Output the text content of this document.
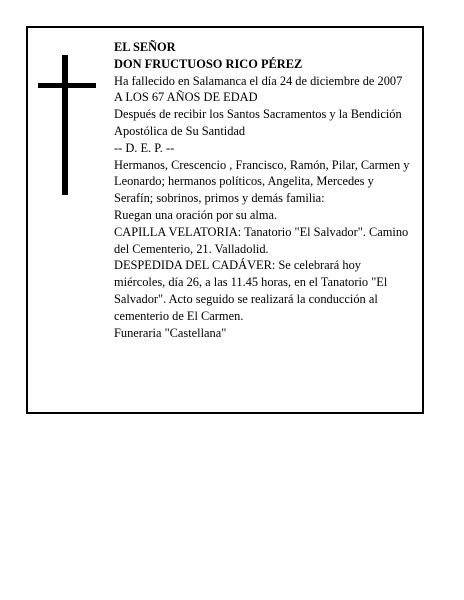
EL SEÑOR

DON FRUCTUOSO RICO PÉREZ

Ha fallecido en Salamanca el día 24 de diciembre de 2007

A LOS 67 AÑOS DE EDAD

Después de recibir los Santos Sacramentos y la Bendición Apostólica de Su Santidad

-- D. E. P. --

Hermanos, Crescencio , Francisco, Ramón, Pilar, Carmen y Leonardo; hermanos políticos, Angelita, Mercedes y Serafín; sobrinos, primos y demás familia:

Ruegan una oración por su alma.

CAPILLA VELATORIA: Tanatorio "El Salvador". Camino del Cementerio, 21. Valladolid.

DESPEDIDA DEL CADÁVER: Se celebrará hoy miércoles, día 26, a las 11.45 horas, en el Tanatorio "El Salvador". Acto seguido se realizará la conducción al cementerio de El Carmen.

Funeraria "Castellana"
